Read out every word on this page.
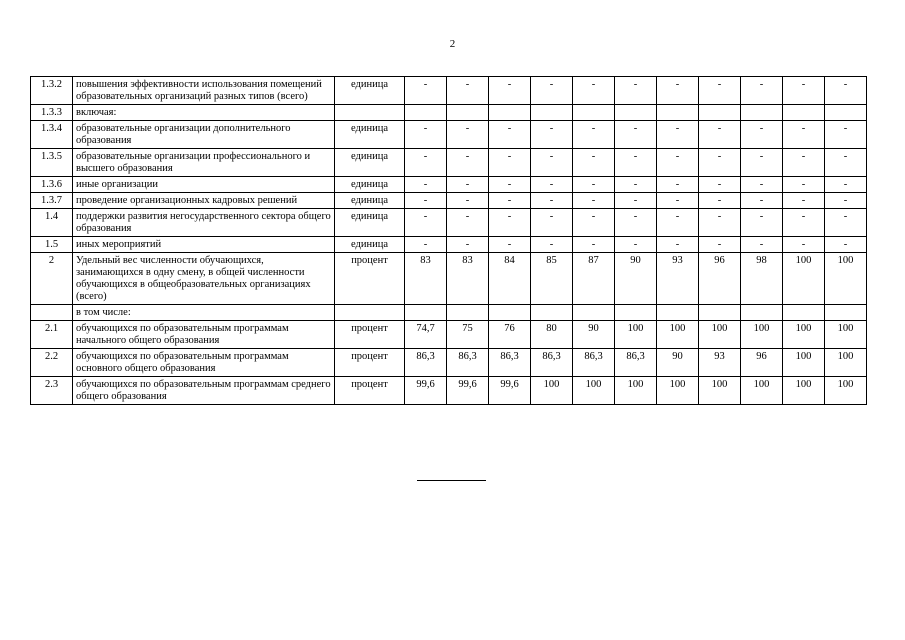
2
1.3.2	повышения эффективности использования помещений образовательных организаций разных типов (всего)	единица	-	-	-	-	-	-	-	-	-	-	-
1.3.3	включая:												
1.3.4	образовательные организации дополнительного образования	единица	-	-	-	-	-	-	-	-	-	-	-
1.3.5	образовательные организации профессионального и высшего образования	единица	-	-	-	-	-	-	-	-	-	-	-
1.3.6	иные организации	единица	-	-	-	-	-	-	-	-	-	-	-
1.3.7	проведение организационных кадровых решений	единица	-	-	-	-	-	-	-	-	-	-	-
1.4	поддержки развития негосударственного сектора общего образования	единица	-	-	-	-	-	-	-	-	-	-	-
1.5	иных мероприятий	единица	-	-	-	-	-	-	-	-	-	-	-
2	Удельный вес численности обучающихся, занимающихся в одну смену, в общей численности обучающихся в общеобразовательных организациях (всего)	процент	83	83	84	85	87	90	93	96	98	100	100
	в том числе:												
2.1	обучающихся по образовательным программам начального общего образования	процент	74,7	75	76	80	90	100	100	100	100	100	100
2.2	обучающихся по образовательным программам основного общего образования	процент	86,3	86,3	86,3	86,3	86,3	86,3	90	93	96	100	100
2.3	обучающихся по образовательным программам среднего общего образования	процент	99,6	99,6	99,6	100	100	100	100	100	100	100	100
